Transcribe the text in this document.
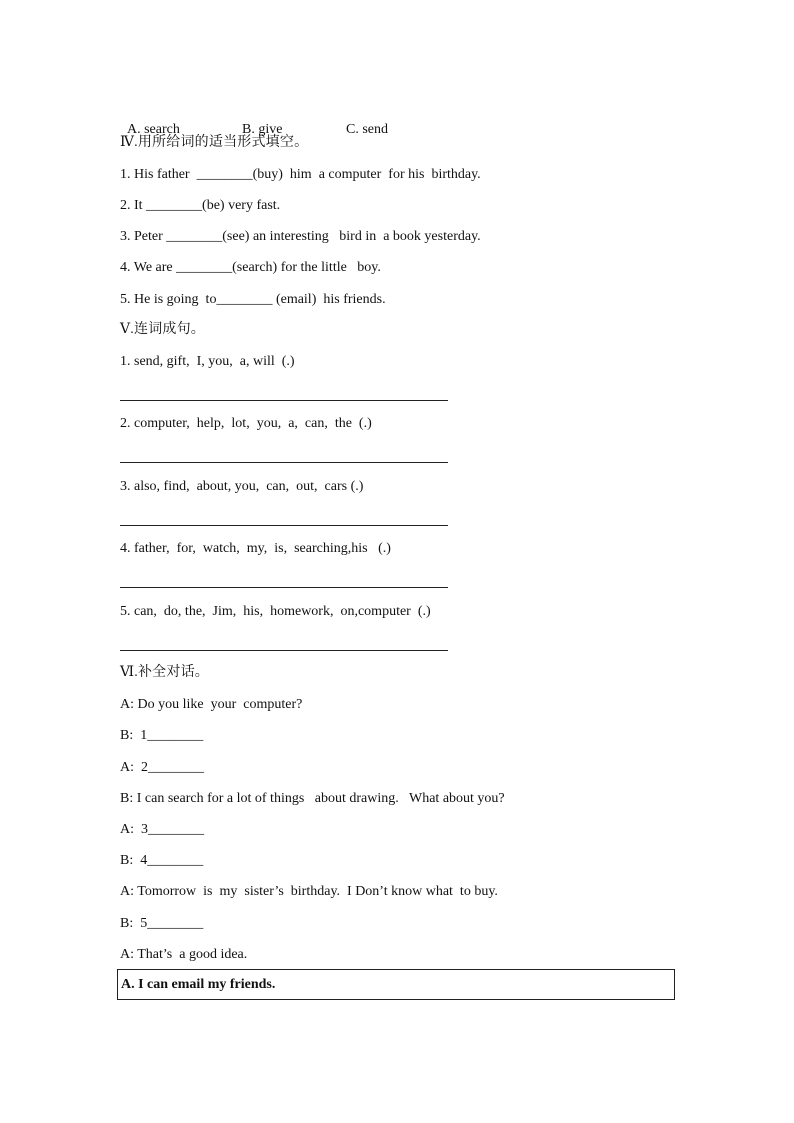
A. search	B. give	C. send

Ⅳ.用所给词的适当形式填空。
1. His father  ________(buy)  him  a computer  for his  birthday.
2. It ________(be) very fast.
3. Peter ________(see) an interesting   bird in  a book yesterday.
4. We are ________(search) for the little   boy.
5. He is going  to________ (email)  his friends.
Ⅴ.连词成句。
1. send, gift,  I, you,  a, will  (.)
2. computer,  help,  lot,  you,  a,  can,  the  (.)
3. also, find,  about, you,  can,  out,  cars (.)
4. father,  for,  watch,  my,  is,  searching,his   (.)
5. can,  do, the,  Jim,  his,  homework,  on,computer  (.)
Ⅵ.补全对话。
A: Do you like  your  computer?
B:  1________
A:  2________
B: I can search for a lot of things   about drawing.   What about you?
A:  3________
B:  4________
A: Tomorrow  is  my  sister’s  birthday.  I Don’t know what  to buy.
B:  5________
A: That’s  a good idea.
A. I can email my friends.
